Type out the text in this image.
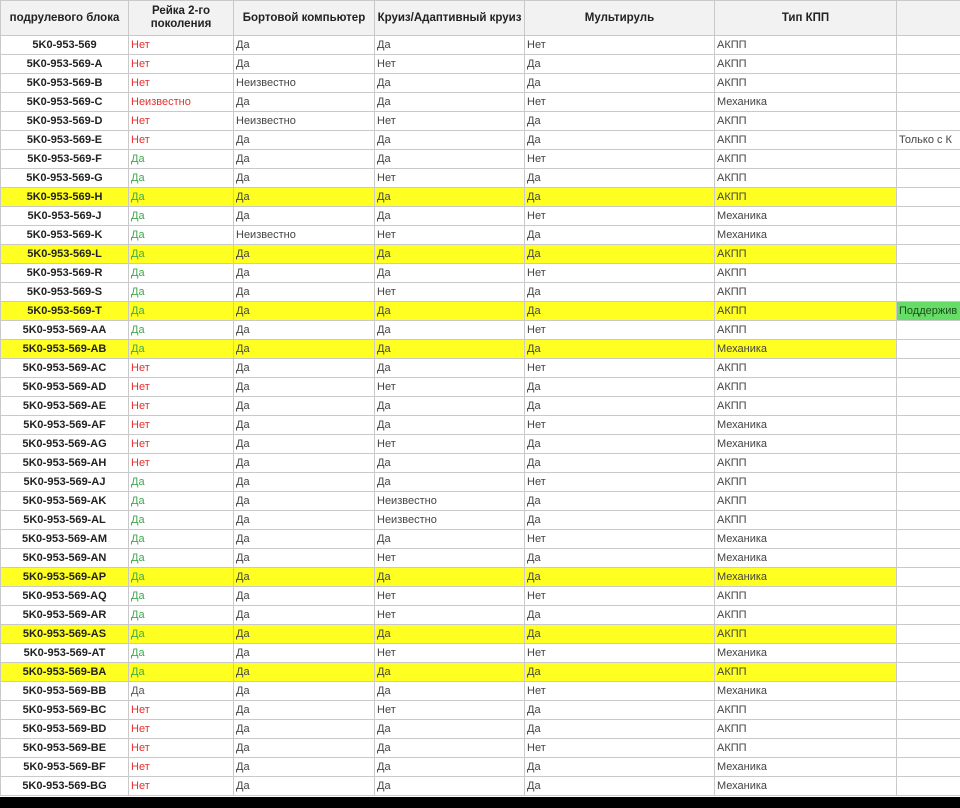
подрулевого блока	Рейка 2-го поколения	Бортовой компьютер	Круиз/Адаптивный круиз	Мультируль	Тип КПП	
5K0-953-569	Нет	Да	Да	Нет	АКПП	
5K0-953-569-A	Нет	Да	Нет	Да	АКПП	
5K0-953-569-B	Нет	Неизвестно	Да	Да	АКПП	
5K0-953-569-C	Неизвестно	Да	Да	Нет	Механика	
5K0-953-569-D	Нет	Неизвестно	Нет	Да	АКПП	
5K0-953-569-E	Нет	Да	Да	Да	АКПП	Только с К
5K0-953-569-F	Да	Да	Да	Нет	АКПП	
5K0-953-569-G	Да	Да	Нет	Да	АКПП	
5K0-953-569-H	Да	Да	Да	Да	АКПП	
5K0-953-569-J	Да	Да	Да	Нет	Механика	
5K0-953-569-K	Да	Неизвестно	Нет	Да	Механика	
5K0-953-569-L	Да	Да	Да	Да	АКПП	
5K0-953-569-R	Да	Да	Да	Нет	АКПП	
5K0-953-569-S	Да	Да	Нет	Да	АКПП	
5K0-953-569-T	Да	Да	Да	Да	АКПП	Поддержив
5K0-953-569-AA	Да	Да	Да	Нет	АКПП	
5K0-953-569-AB	Да	Да	Да	Да	Механика	
5K0-953-569-AC	Нет	Да	Да	Нет	АКПП	
5K0-953-569-AD	Нет	Да	Нет	Да	АКПП	
5K0-953-569-AE	Нет	Да	Да	Да	АКПП	
5K0-953-569-AF	Нет	Да	Да	Нет	Механика	
5K0-953-569-AG	Нет	Да	Нет	Да	Механика	
5K0-953-569-AH	Нет	Да	Да	Да	АКПП	
5K0-953-569-AJ	Да	Да	Да	Нет	АКПП	
5K0-953-569-AK	Да	Да	Неизвестно	Да	АКПП	
5K0-953-569-AL	Да	Да	Неизвестно	Да	АКПП	
5K0-953-569-AM	Да	Да	Да	Нет	Механика	
5K0-953-569-AN	Да	Да	Нет	Да	Механика	
5K0-953-569-AP	Да	Да	Да	Да	Механика	
5K0-953-569-AQ	Да	Да	Нет	Нет	АКПП	
5K0-953-569-AR	Да	Да	Нет	Да	АКПП	
5K0-953-569-AS	Да	Да	Да	Да	АКПП	
5K0-953-569-AT	Да	Да	Нет	Нет	Механика	
5K0-953-569-BA	Да	Да	Да	Да	АКПП	
5K0-953-569-BB	Да	Да	Да	Нет	Механика	
5K0-953-569-BC	Нет	Да	Нет	Да	АКПП	
5K0-953-569-BD	Нет	Да	Да	Да	АКПП	
5K0-953-569-BE	Нет	Да	Да	Нет	АКПП	
5K0-953-569-BF	Нет	Да	Да	Да	Механика	
5K0-953-569-BG	Нет	Да	Да	Да	Механика	
